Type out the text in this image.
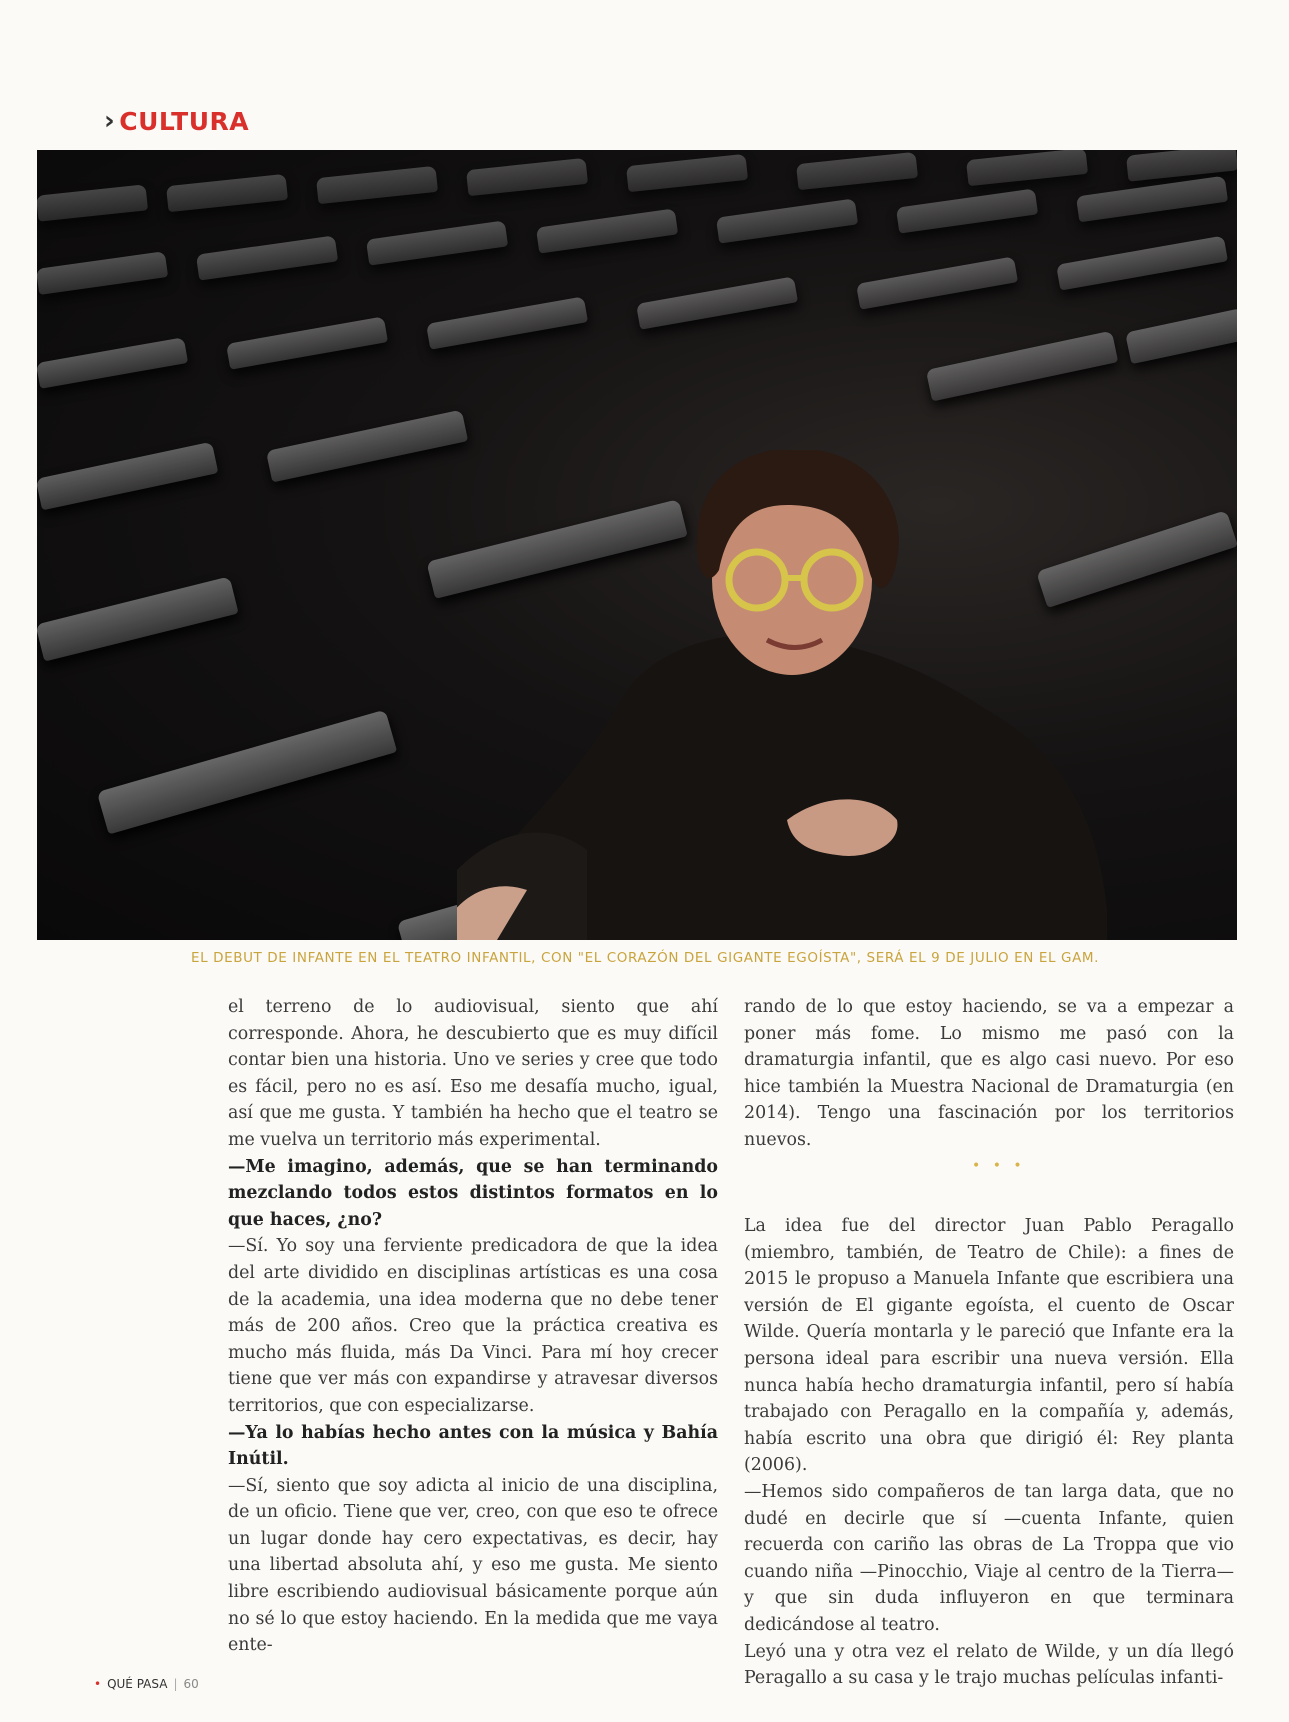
› CULTURA
EL DEBUT DE INFANTE EN EL TEATRO INFANTIL, CON "EL CORAZÓN DEL GIGANTE EGOÍSTA", SERÁ EL 9 DE JULIO EN EL GAM.

el terreno de lo audiovisual, siento que ahí corresponde. Ahora, he descubierto que es muy difícil contar bien una historia. Uno ve series y cree que todo es fácil, pero no es así. Eso me desafía mucho, igual, así que me gusta. Y también ha hecho que el teatro se me vuelva un territorio más experimental.

—Me imagino, además, que se han terminando mezclando todos estos distintos formatos en lo que haces, ¿no?

—Sí. Yo soy una ferviente predicadora de que la idea del arte dividido en disciplinas artísticas es una cosa de la academia, una idea moderna que no debe tener más de 200 años. Creo que la práctica creativa es mucho más fluida, más Da Vinci. Para mí hoy crecer tiene que ver más con expandirse y atravesar diversos territorios, que con especializarse.

—Ya lo habías hecho antes con la música y Bahía Inútil.

—Sí, siento que soy adicta al inicio de una disciplina, de un oficio. Tiene que ver, creo, con que eso te ofrece un lugar donde hay cero expectativas, es decir, hay una libertad absoluta ahí, y eso me gusta. Me siento libre escribiendo audiovisual básicamente porque aún no sé lo que estoy haciendo. En la medida que me vaya ente-

rando de lo que estoy haciendo, se va a empezar a poner más fome. Lo mismo me pasó con la dramaturgia infantil, que es algo casi nuevo. Por eso hice también la Muestra Nacional de Dramaturgia (en 2014). Tengo una fascinación por los territorios nuevos.

• • •

La idea fue del director Juan Pablo Peragallo (miembro, también, de Teatro de Chile): a fines de 2015 le propuso a Manuela Infante que escribiera una versión de El gigante egoísta, el cuento de Oscar Wilde. Quería montarla y le pareció que Infante era la persona ideal para escribir una nueva versión. Ella nunca había hecho dramaturgia infantil, pero sí había trabajado con Peragallo en la compañía y, además, había escrito una obra que dirigió él: Rey planta (2006).

—Hemos sido compañeros de tan larga data, que no dudé en decirle que sí —cuenta Infante, quien recuerda con cariño las obras de La Troppa que vio cuando niña —Pinocchio, Viaje al centro de la Tierra— y que sin duda influyeron en que terminara dedicándose al teatro.

Leyó una y otra vez el relato de Wilde, y un día llegó Peragallo a su casa y le trajo muchas películas infanti-

• QUÉ PASA | 60
